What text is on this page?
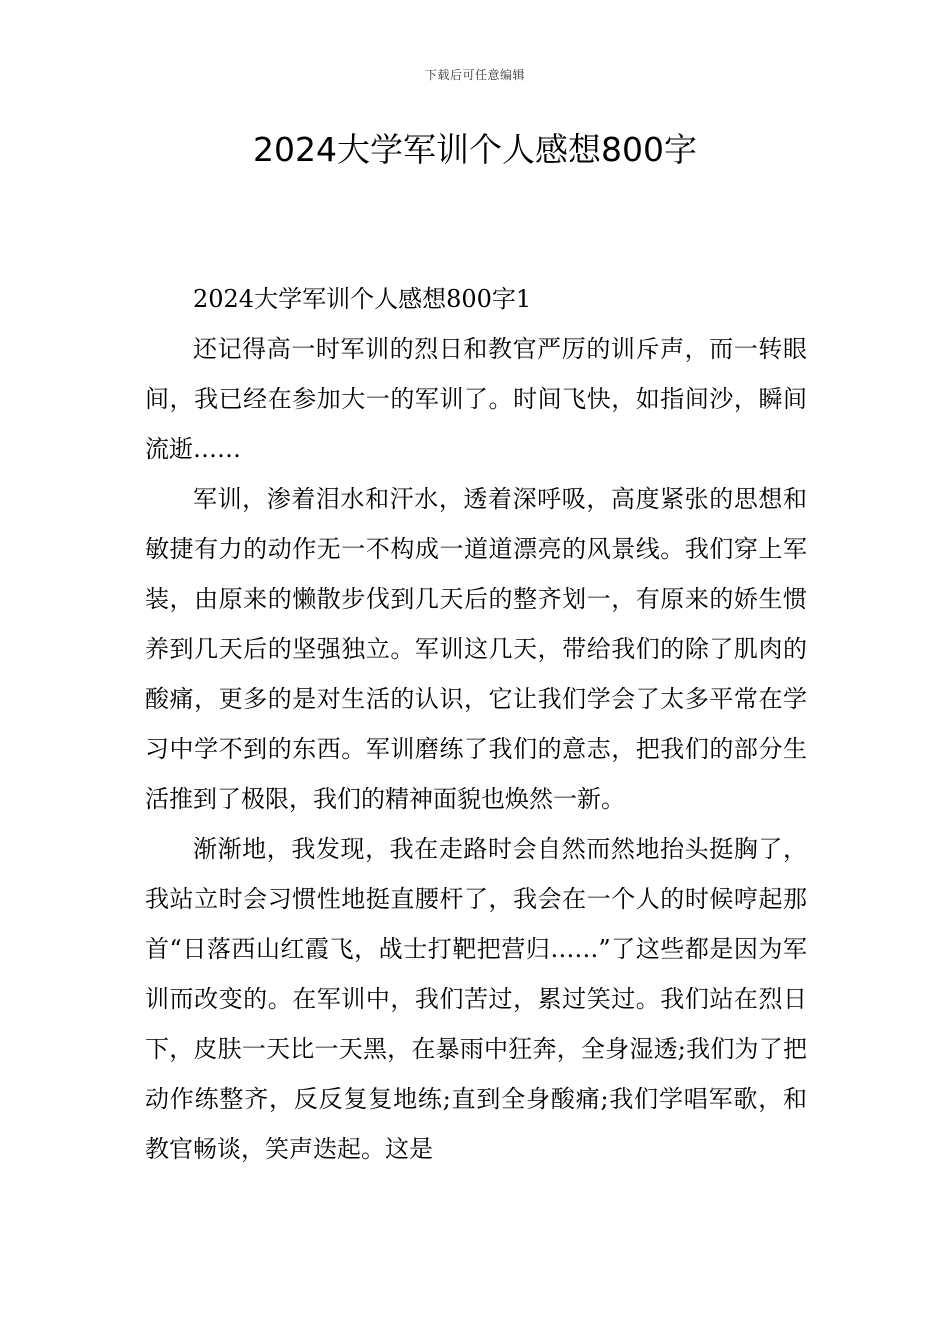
下载后可任意编辑
2024大学军训个人感想800字

2024大学军训个人感想800字1

还记得高一时军训的烈日和教官严厉的训斥声，而一转眼间，我已经在参加大一的军训了。时间飞快，如指间沙，瞬间流逝……

军训，渗着泪水和汗水，透着深呼吸，高度紧张的思想和敏捷有力的动作无一不构成一道道漂亮的风景线。我们穿上军装，由原来的懒散步伐到几天后的整齐划一，有原来的娇生惯养到几天后的坚强独立。军训这几天，带给我们的除了肌肉的酸痛，更多的是对生活的认识，它让我们学会了太多平常在学习中学不到的东西。军训磨练了我们的意志，把我们的部分生活推到了极限，我们的精神面貌也焕然一新。

渐渐地，我发现，我在走路时会自然而然地抬头挺胸了，我站立时会习惯性地挺直腰杆了，我会在一个人的时候哼起那首“日落西山红霞飞，战士打靶把营归……”了这些都是因为军训而改变的。在军训中，我们苦过，累过笑过。我们站在烈日下，皮肤一天比一天黑，在暴雨中狂奔，全身湿透;我们为了把动作练整齐，反反复复地练;直到全身酸痛;我们学唱军歌，和教官畅谈，笑声迭起。这是
